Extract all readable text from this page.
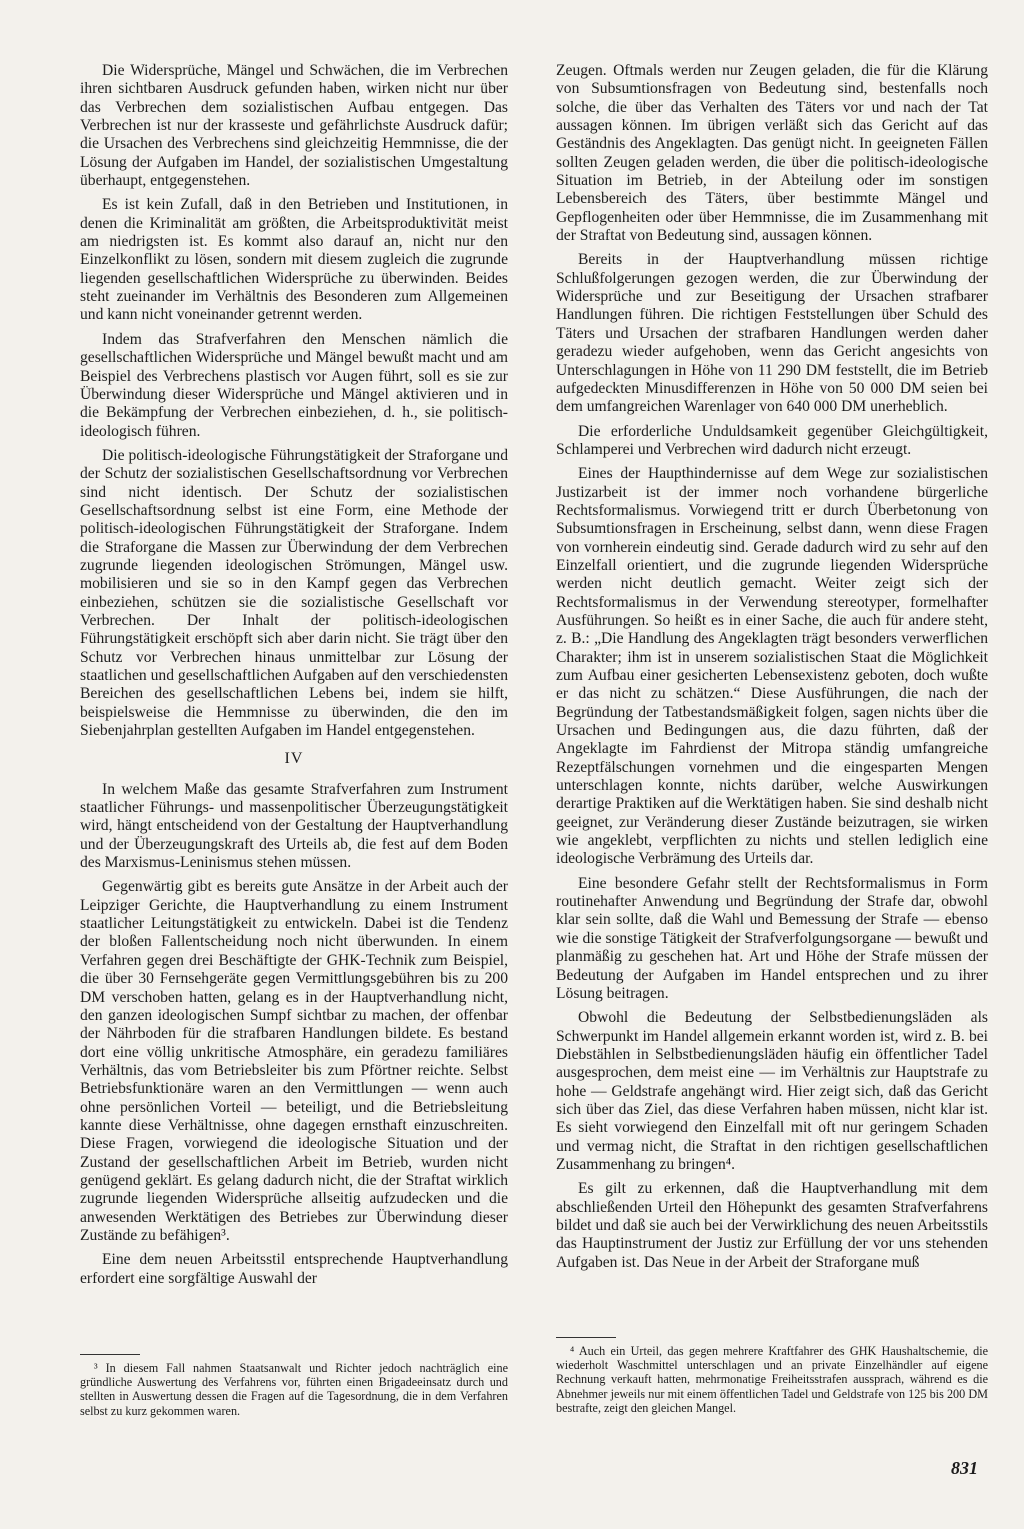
Die Widersprüche, Mängel und Schwächen, die im Verbrechen ihren sichtbaren Ausdruck gefunden haben, wirken nicht nur über das Verbrechen dem sozialistischen Aufbau entgegen. Das Verbrechen ist nur der krasseste und gefährlichste Ausdruck dafür; die Ursachen des Verbrechens sind gleichzeitig Hemmnisse, die der Lösung der Aufgaben im Handel, der sozialistischen Umgestaltung überhaupt, entgegenstehen.

Es ist kein Zufall, daß in den Betrieben und Institutionen, in denen die Kriminalität am größten, die Arbeitsproduktivität meist am niedrigsten ist. Es kommt also darauf an, nicht nur den Einzelkonflikt zu lösen, sondern mit diesem zugleich die zugrunde liegenden gesellschaftlichen Widersprüche zu überwinden. Beides steht zueinander im Verhältnis des Besonderen zum Allgemeinen und kann nicht voneinander getrennt werden.

Indem das Strafverfahren den Menschen nämlich die gesellschaftlichen Widersprüche und Mängel bewußt macht und am Beispiel des Verbrechens plastisch vor Augen führt, soll es sie zur Überwindung dieser Widersprüche und Mängel aktivieren und in die Bekämpfung der Verbrechen einbeziehen, d. h., sie politisch-ideologisch führen.

Die politisch-ideologische Führungstätigkeit der Straforgane und der Schutz der sozialistischen Gesellschaftsordnung vor Verbrechen sind nicht identisch. Der Schutz der sozialistischen Gesellschaftsordnung selbst ist eine Form, eine Methode der politisch-ideologischen Führungstätigkeit der Straforgane. Indem die Straforgane die Massen zur Überwindung der dem Verbrechen zugrunde liegenden ideologischen Strömungen, Mängel usw. mobilisieren und sie so in den Kampf gegen das Verbrechen einbeziehen, schützen sie die sozialistische Gesellschaft vor Verbrechen. Der Inhalt der politisch-ideologischen Führungstätigkeit erschöpft sich aber darin nicht. Sie trägt über den Schutz vor Verbrechen hinaus unmittelbar zur Lösung der staatlichen und gesellschaftlichen Aufgaben auf den verschiedensten Bereichen des gesellschaftlichen Lebens bei, indem sie hilft, beispielsweise die Hemmnisse zu überwinden, die den im Siebenjahrplan gestellten Aufgaben im Handel entgegenstehen.

IV

In welchem Maße das gesamte Strafverfahren zum Instrument staatlicher Führungs- und massenpolitischer Überzeugungstätigkeit wird, hängt entscheidend von der Gestaltung der Hauptverhandlung und der Überzeugungskraft des Urteils ab, die fest auf dem Boden des Marxismus-Leninismus stehen müssen.

Gegenwärtig gibt es bereits gute Ansätze in der Arbeit auch der Leipziger Gerichte, die Hauptverhandlung zu einem Instrument staatlicher Leitungstätigkeit zu entwickeln. Dabei ist die Tendenz der bloßen Fallentscheidung noch nicht überwunden. In einem Verfahren gegen drei Beschäftigte der GHK-Technik zum Beispiel, die über 30 Fernsehgeräte gegen Vermittlungsgebühren bis zu 200 DM verschoben hatten, gelang es in der Hauptverhandlung nicht, den ganzen ideologischen Sumpf sichtbar zu machen, der offenbar der Nährboden für die strafbaren Handlungen bildete. Es bestand dort eine völlig unkritische Atmosphäre, ein geradezu familiäres Verhältnis, das vom Betriebsleiter bis zum Pförtner reichte. Selbst Betriebsfunktionäre waren an den Vermittlungen — wenn auch ohne persönlichen Vorteil — beteiligt, und die Betriebsleitung kannte diese Verhältnisse, ohne dagegen ernsthaft einzuschreiten. Diese Fragen, vorwiegend die ideologische Situation und der Zustand der gesellschaftlichen Arbeit im Betrieb, wurden nicht genügend geklärt. Es gelang dadurch nicht, die der Straftat wirklich zugrunde liegenden Widersprüche allseitig aufzudecken und die anwesenden Werktätigen des Betriebes zur Überwindung dieser Zustände zu befähigen³.

Eine dem neuen Arbeitsstil entsprechende Hauptverhandlung erfordert eine sorgfältige Auswahl der

Zeugen. Oftmals werden nur Zeugen geladen, die für die Klärung von Subsumtionsfragen von Bedeutung sind, bestenfalls noch solche, die über das Verhalten des Täters vor und nach der Tat aussagen können. Im übrigen verläßt sich das Gericht auf das Geständnis des Angeklagten. Das genügt nicht. In geeigneten Fällen sollten Zeugen geladen werden, die über die politisch-ideologische Situation im Betrieb, in der Abteilung oder im sonstigen Lebensbereich des Täters, über bestimmte Mängel und Gepflogenheiten oder über Hemmnisse, die im Zusammenhang mit der Straftat von Bedeutung sind, aussagen können.

Bereits in der Hauptverhandlung müssen richtige Schlußfolgerungen gezogen werden, die zur Überwindung der Widersprüche und zur Beseitigung der Ursachen strafbarer Handlungen führen. Die richtigen Feststellungen über Schuld des Täters und Ursachen der strafbaren Handlungen werden daher geradezu wieder aufgehoben, wenn das Gericht angesichts von Unterschlagungen in Höhe von 11 290 DM feststellt, die im Betrieb aufgedeckten Minusdifferenzen in Höhe von 50 000 DM seien bei dem umfangreichen Warenlager von 640 000 DM unerheblich.

Die erforderliche Unduldsamkeit gegenüber Gleichgültigkeit, Schlamperei und Verbrechen wird dadurch nicht erzeugt.

Eines der Haupthindernisse auf dem Wege zur sozialistischen Justizarbeit ist der immer noch vorhandene bürgerliche Rechtsformalismus. Vorwiegend tritt er durch Überbetonung von Subsumtionsfragen in Erscheinung, selbst dann, wenn diese Fragen von vornherein eindeutig sind. Gerade dadurch wird zu sehr auf den Einzelfall orientiert, und die zugrunde liegenden Widersprüche werden nicht deutlich gemacht. Weiter zeigt sich der Rechtsformalismus in der Verwendung stereotyper, formelhafter Ausführungen. So heißt es in einer Sache, die auch für andere steht, z. B.: „Die Handlung des Angeklagten trägt besonders verwerflichen Charakter; ihm ist in unserem sozialistischen Staat die Möglichkeit zum Aufbau einer gesicherten Lebensexistenz geboten, doch wußte er das nicht zu schätzen.“ Diese Ausführungen, die nach der Begründung der Tatbestandsmäßigkeit folgen, sagen nichts über die Ursachen und Bedingungen aus, die dazu führten, daß der Angeklagte im Fahrdienst der Mitropa ständig umfangreiche Rezeptfälschungen vornehmen und die eingesparten Mengen unterschlagen konnte, nichts darüber, welche Auswirkungen derartige Praktiken auf die Werktätigen haben. Sie sind deshalb nicht geeignet, zur Veränderung dieser Zustände beizutragen, sie wirken wie angeklebt, verpflichten zu nichts und stellen lediglich eine ideologische Verbrämung des Urteils dar.

Eine besondere Gefahr stellt der Rechtsformalismus in Form routinehafter Anwendung und Begründung der Strafe dar, obwohl klar sein sollte, daß die Wahl und Bemessung der Strafe — ebenso wie die sonstige Tätigkeit der Strafverfolgungsorgane — bewußt und planmäßig zu geschehen hat. Art und Höhe der Strafe müssen der Bedeutung der Aufgaben im Handel entsprechen und zu ihrer Lösung beitragen.

Obwohl die Bedeutung der Selbstbedienungsläden als Schwerpunkt im Handel allgemein erkannt worden ist, wird z. B. bei Diebstählen in Selbstbedienungsläden häufig ein öffentlicher Tadel ausgesprochen, dem meist eine — im Verhältnis zur Hauptstrafe zu hohe — Geldstrafe angehängt wird. Hier zeigt sich, daß das Gericht sich über das Ziel, das diese Verfahren haben müssen, nicht klar ist. Es sieht vorwiegend den Einzelfall mit oft nur geringem Schaden und vermag nicht, die Straftat in den richtigen gesellschaftlichen Zusammenhang zu bringen⁴.

Es gilt zu erkennen, daß die Hauptverhandlung mit dem abschließenden Urteil den Höhepunkt des gesamten Strafverfahrens bildet und daß sie auch bei der Verwirklichung des neuen Arbeitsstils das Hauptinstrument der Justiz zur Erfüllung der vor uns stehenden Aufgaben ist. Das Neue in der Arbeit der Straforgane muß

³ In diesem Fall nahmen Staatsanwalt und Richter jedoch nachträglich eine gründliche Auswertung des Verfahrens vor, führten einen Brigadeeinsatz durch und stellten in Auswertung dessen die Fragen auf die Tagesordnung, die in dem Verfahren selbst zu kurz gekommen waren.

⁴ Auch ein Urteil, das gegen mehrere Kraftfahrer des GHK Haushaltschemie, die wiederholt Waschmittel unterschlagen und an private Einzelhändler auf eigene Rechnung verkauft hatten, mehrmonatige Freiheitsstrafen aussprach, während es die Abnehmer jeweils nur mit einem öffentlichen Tadel und Geldstrafe von 125 bis 200 DM bestrafte, zeigt den gleichen Mangel.

831
